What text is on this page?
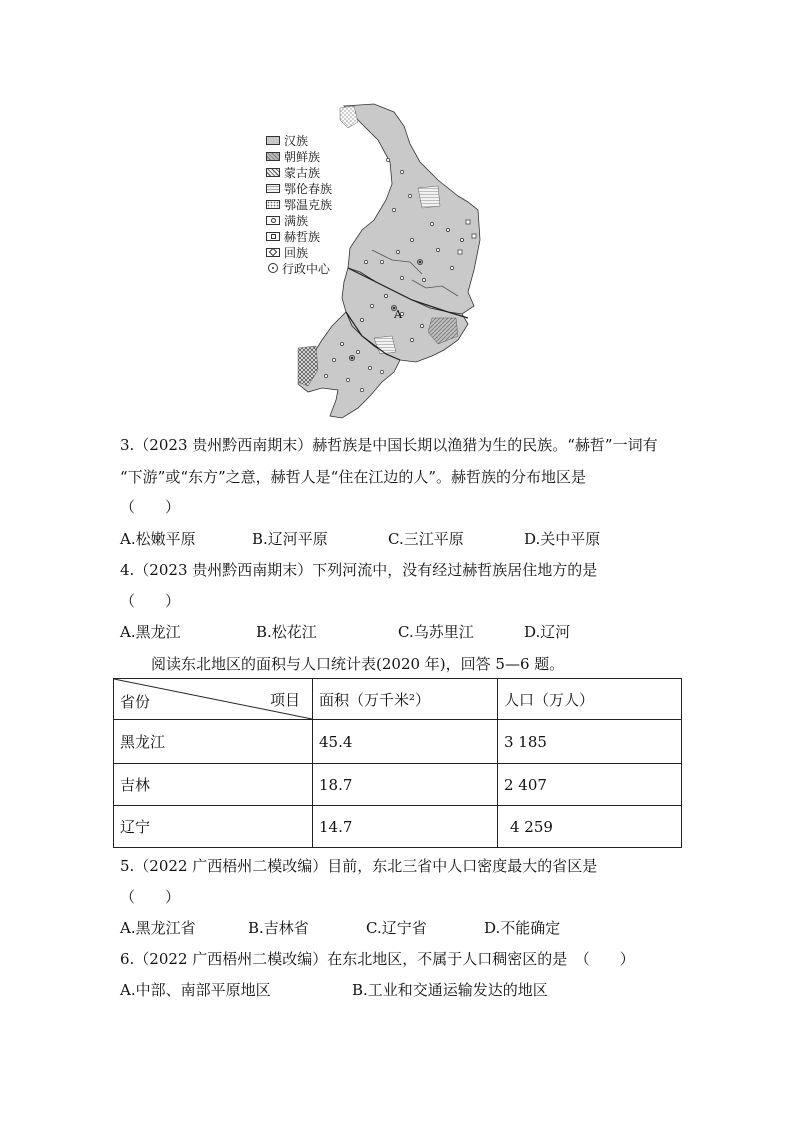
A
汉族
朝鲜族
蒙古族
鄂伦春族
鄂温克族
满族
赫哲族
回族
行政中心
3.（2023 贵州黔西南期末）赫哲族是中国长期以渔猎为生的民族。“赫哲”一词有
“下游”或“东方”之意，赫哲人是“住在江边的人”。赫哲族的分布地区是
（　　）
A.松嫩平原	B.辽河平原	C.三江平原	D.关中平原
4.（2023 贵州黔西南期末）下列河流中，没有经过赫哲族居住地方的是
（　　）
A.黑龙江	B.松花江	C.乌苏里江	D.辽河
阅读东北地区的面积与人口统计表(2020 年)，回答 5—6 题。
省份 项目	面积（万千米²）	人口（万人）
黑龙江	45.4	3 185
吉林	18.7	2 407
辽宁	14.7	4 259
5.（2022 广西梧州二模改编）目前，东北三省中人口密度最大的省区是
（　　）
A.黑龙江省	B.吉林省	C.辽宁省	D.不能确定
6.（2022 广西梧州二模改编）在东北地区，不属于人口稠密区的是　（　　）
A.中部、南部平原地区	B.工业和交通运输发达的地区
